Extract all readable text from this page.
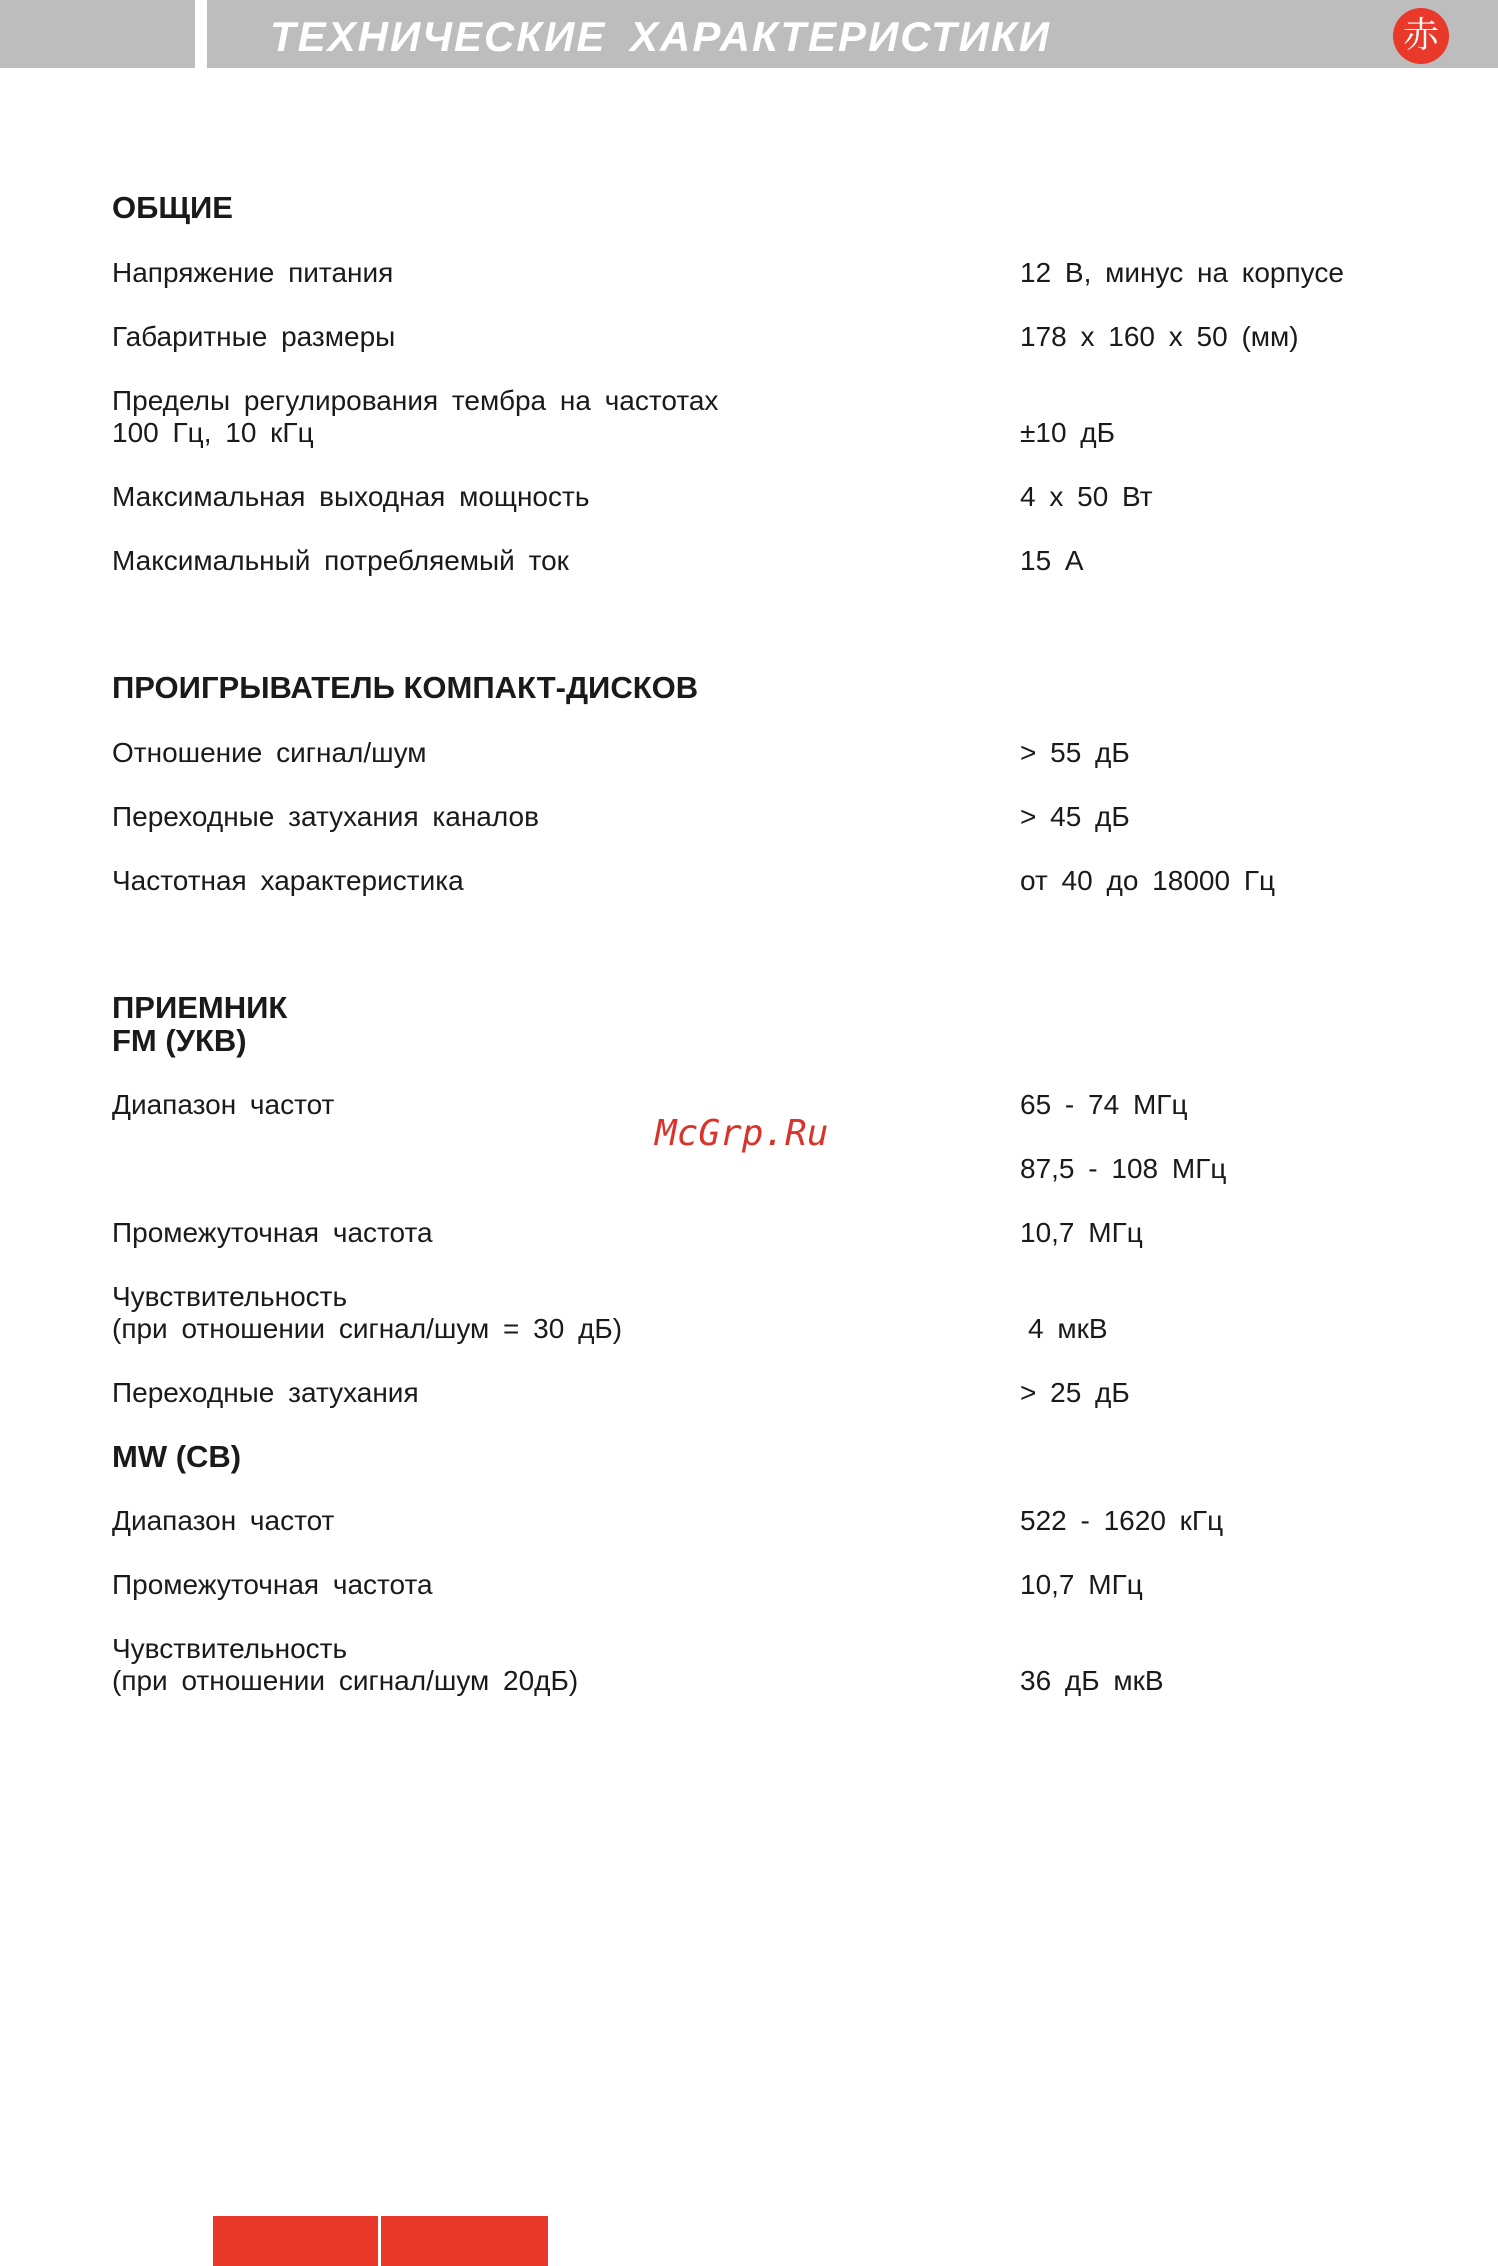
ТЕХНИЧЕСКИЕ ХАРАКТЕРИСТИКИ	赤
ОБЩИЕ
Напряжение питания	12 В, минус на корпусе
Габаритные размеры	178 х 160 х 50 (мм)
Пределы регулирования тембра на частотах
100 Гц, 10 кГц	±10 дБ
Максимальная выходная мощность	4 х 50 Вт
Максимальный потребляемый ток	15 А
ПРОИГРЫВАТЕЛЬ КОМПАКТ-ДИСКОВ
Отношение сигнал/шум	> 55 дБ
Переходные затухания каналов	> 45 дБ
Частотная характеристика	от 40 до 18000 Гц
ПРИЕМНИК
FM (УКВ)
Диапазон частот	65 - 74 МГц
87,5 - 108 МГц
Промежуточная частота	10,7 МГц
Чувствительность
(при отношении сигнал/шум = 30 дБ)	4 мкВ
Переходные затухания	> 25 дБ
MW (СВ)
Диапазон частот	522 - 1620 кГц
Промежуточная частота	10,7 МГц
Чувствительность
(при отношении сигнал/шум 20дБ)	36 дБ мкВ
McGrp.Ru
